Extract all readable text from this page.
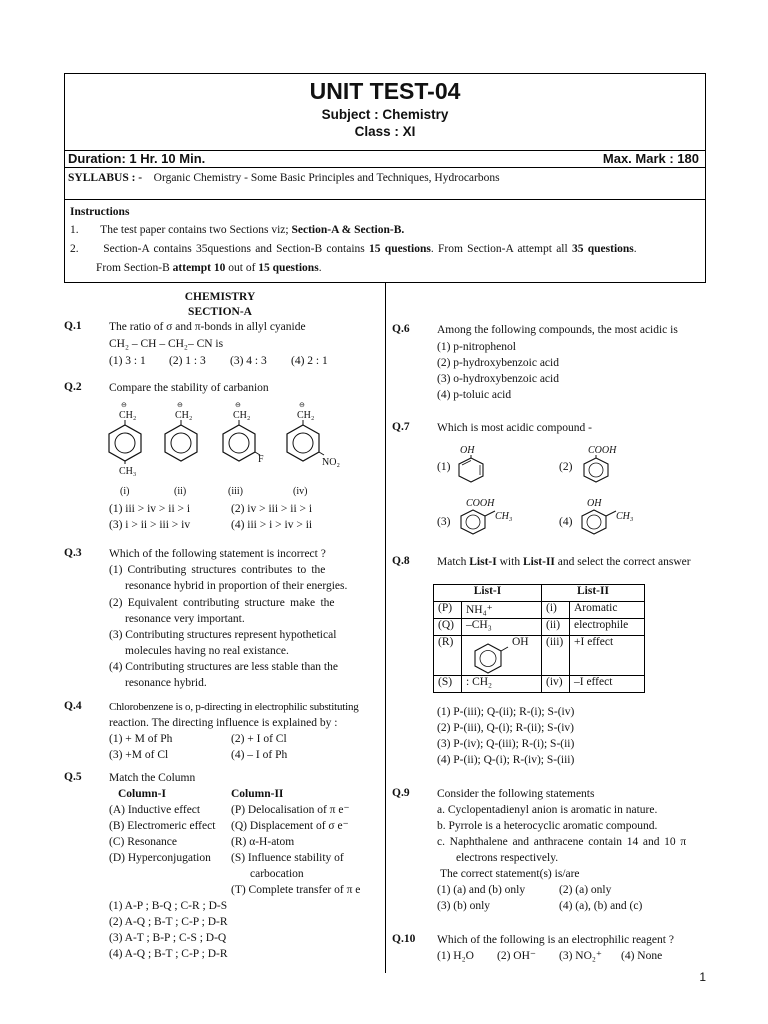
UNIT TEST-04
Subject : Chemistry
Class : XI
Duration: 1 Hr. 10 Min.	Max. Mark : 180
SYLLABUS : - Organic Chemistry - Some Basic Principles and Techniques, Hydrocarbons
Instructions
1. The test paper contains two Sections viz; Section-A & Section-B.
2. Section-A contains 35questions and Section-B contains 15 questions. From Section-A attempt all 35 questions.
From Section-B attempt 10 out of 15 questions.
CHEMISTRY
SECTION-A
Q.1 The ratio of σ and π-bonds in allyl cyanide
CH₂ – CH – CH₂– CN is
(1) 3 : 1 (2) 1 : 3 (3) 4 : 3 (4) 2 : 1
Q.2 Compare the stability of carbanion
⊖
CH₂
CH₃
⊖
CH₂
⊖
CH₂
F
⊖
CH₂
NO₂
(i)	(ii)	(iii)	(iv)
(1) iii > iv > ii > i	(2) iv > iii > ii > i
(3) i > ii > iii > iv	(4) iii > i > iv > ii
Q.3 Which of the following statement is incorrect ?
(1) Contributing structures contributes to the
resonance hybrid in proportion of their energies.
(2) Equivalent contributing structure make the
resonance very important.
(3) Contributing structures represent hypothetical
molecules having no real existance.
(4) Contributing structures are less stable than the
resonance hybrid.
Q.4 Chlorobenzene is o, p-directing in electrophilic substituting
reaction. The directing influence is explained by :
(1) + M of Ph	(2) + I of Cl
(3) +M of Cl	(4) – I of Ph
Q.5 Match the Column
Column-I	Column-II
(A) Inductive effect
(B) Electromeric effect
(C) Resonance
(D) Hyperconjugation
(P) Delocalisation of π e⁻
(Q) Displacement of σ e⁻
(R) α-H-atom
(S) Influence stability of
carbocation
(T) Complete transfer of π e
(1) A-P ; B-Q ; C-R ; D-S
(2) A-Q ; B-T ; C-P ; D-R
(3) A-T ; B-P ; C-S ; D-Q
(4) A-Q ; B-T ; C-P ; D-R
Q.6 Among the following compounds, the most acidic is
(1) p-nitrophenol
(2) p-hydroxybenzoic acid
(3) o-hydroxybenzoic acid
(4) p-toluic acid
Q.7 Which is most acidic compound -
(1)
OH
(2)
COOH
(3)
COOH
CH₃	(4)
OH
CH₃
Q.8 Match List-I with List-II and select the correct answer
List-I		List-II	
(P)	NH₄⁺	(i)	Aromatic
(Q)	–CH₃	(ii)	electrophile
(R)	OH	(iii)	+I effect
(S)	: CH₂	(iv)	–I effect
(1) P-(iii); Q-(ii); R-(i); S-(iv)
(2) P-(iii), Q-(i); R-(ii); S-(iv)
(3) P-(iv); Q-(iii); R-(i); S-(ii)
(4) P-(ii); Q-(i); R-(iv); S-(iii)
Q.9 Consider the following statements
a. Cyclopentadienyl anion is aromatic in nature.
b. Pyrrole is a heterocyclic aromatic compound.
c. Naphthalene and anthracene contain 14 and 10 π
electrons respectively.
The correct statement(s) is/are
(1) (a) and (b) only	(2) (a) only
(3) (b) only	(4) (a), (b) and (c)
Q.10 Which of the following is an electrophilic reagent ?
(1) H₂O (2) OH⁻ (3) NO₂⁺ (4) None
1
